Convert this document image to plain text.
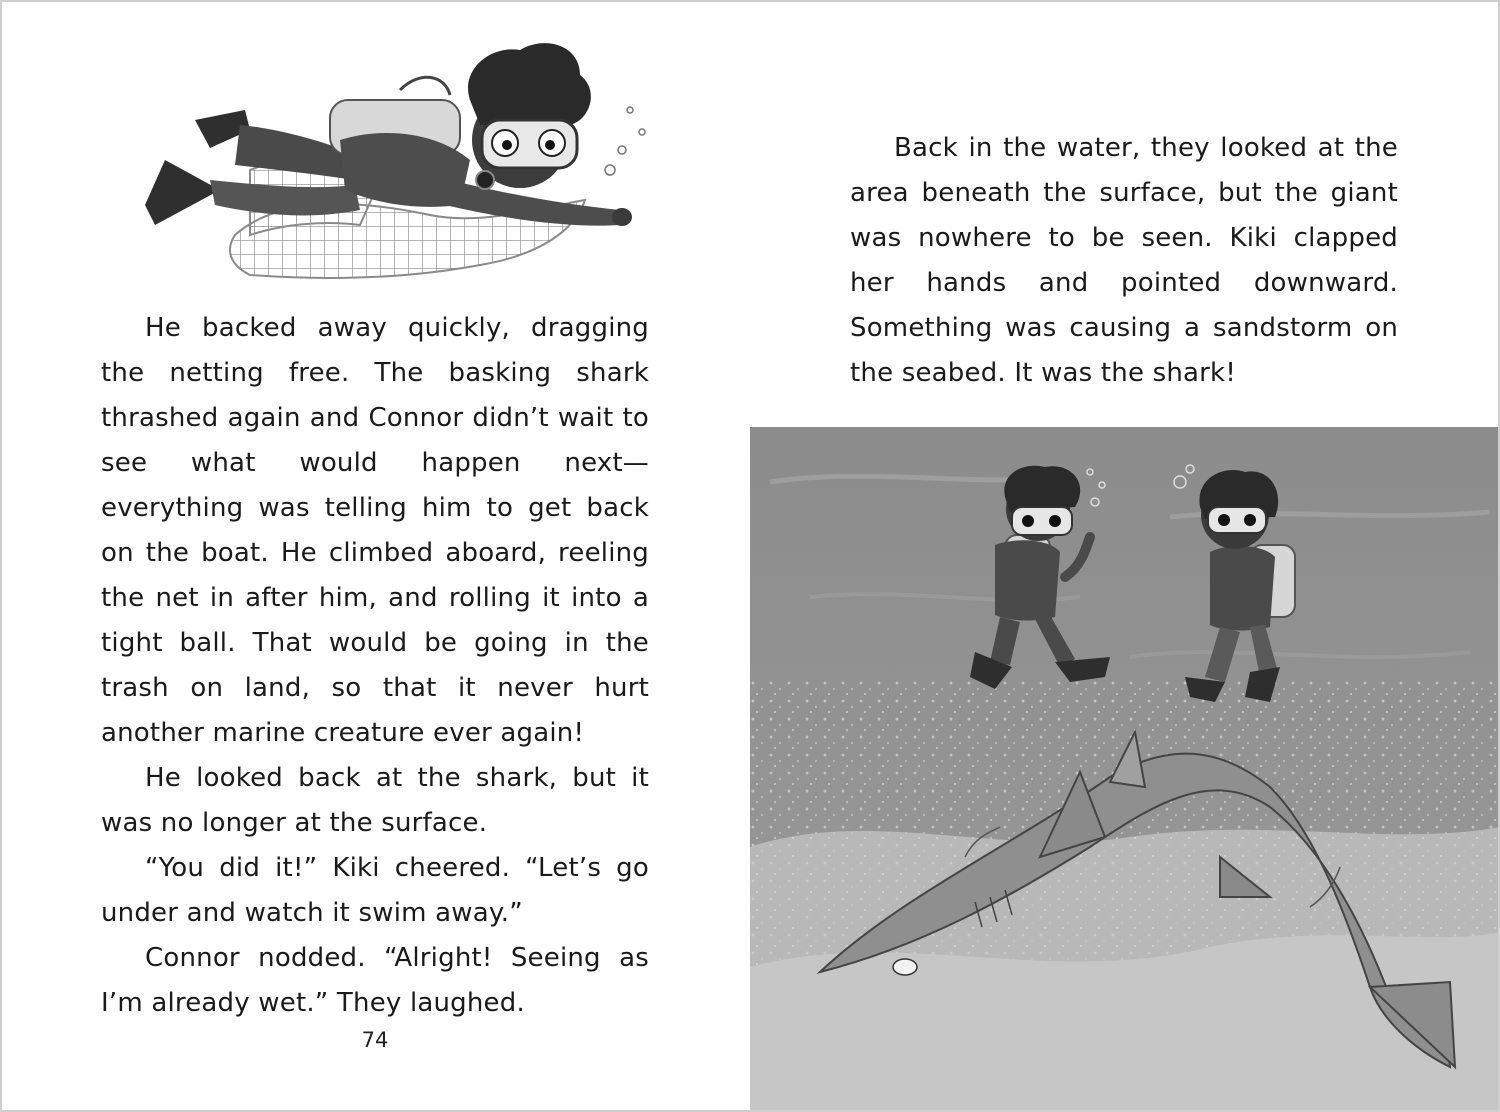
He backed away quickly, dragging the netting free. The basking shark thrashed again and Connor didn’t wait to see what would happen next—everything was telling him to get back on the boat. He climbed aboard, reeling the net in after him, and rolling it into a tight ball. That would be going in the trash on land, so that it never hurt another marine creature ever again!

He looked back at the shark, but it was no longer at the surface.

“You did it!” Kiki cheered. “Let’s go under and watch it swim away.”

Connor nodded. “Alright! Seeing as I’m already wet.” They laughed.

74

Back in the water, they looked at the area beneath the surface, but the giant was nowhere to be seen. Kiki clapped her hands and pointed downward. Something was causing a sandstorm on the seabed. It was the shark!
